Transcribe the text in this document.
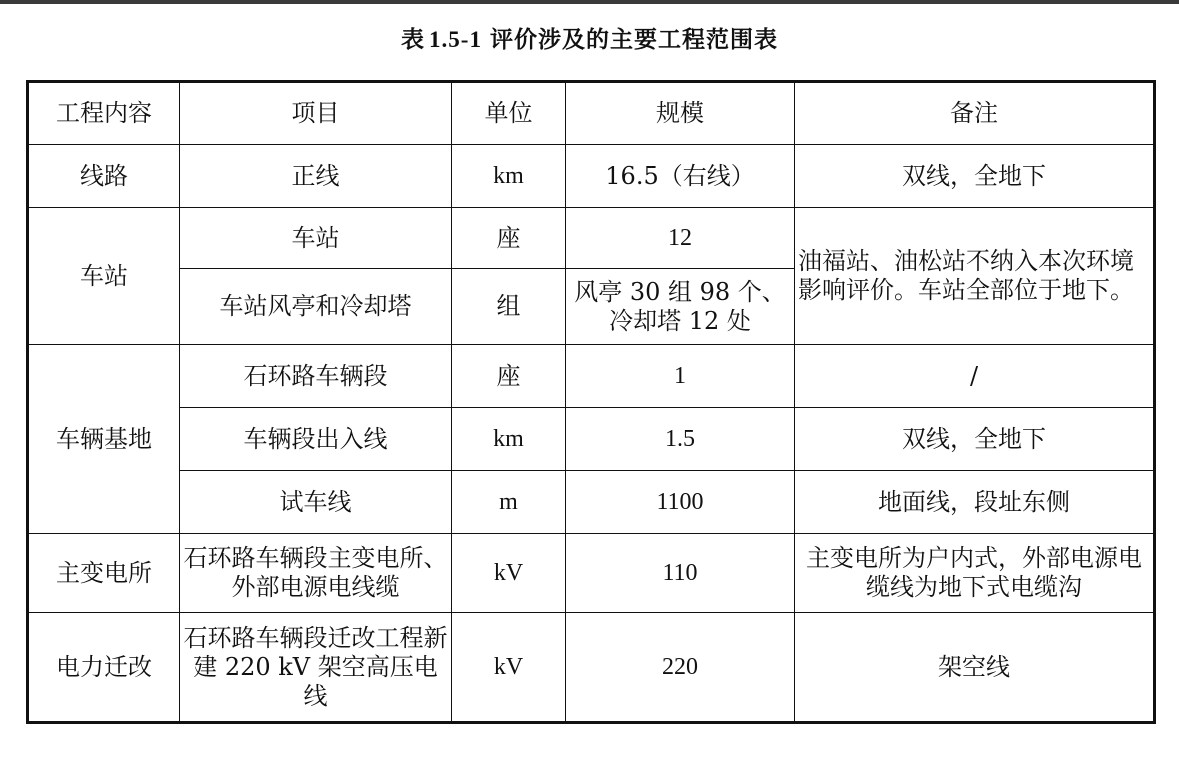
表 1.5-1 评价涉及的主要工程范围表
工程内容	项目	单位	规模	备注
线路	正线	km	16.5（右线）	双线，全地下
车站	车站	座	12	油福站、油松站不纳入本次环境影响评价。车站全部位于地下。
	车站风亭和冷却塔	组	风亭 30 组 98 个、冷却塔 12 处	
车辆基地	石环路车辆段	座	1	/
	车辆段出入线	km	1.5	双线，全地下
	试车线	m	1100	地面线，段址东侧
主变电所	石环路车辆段主变电所、外部电源电线缆	kV	110	主变电所为户内式，外部电源电缆线为地下式电缆沟
电力迁改	石环路车辆段迁改工程新建 220 kV 架空高压电线	kV	220	架空线
